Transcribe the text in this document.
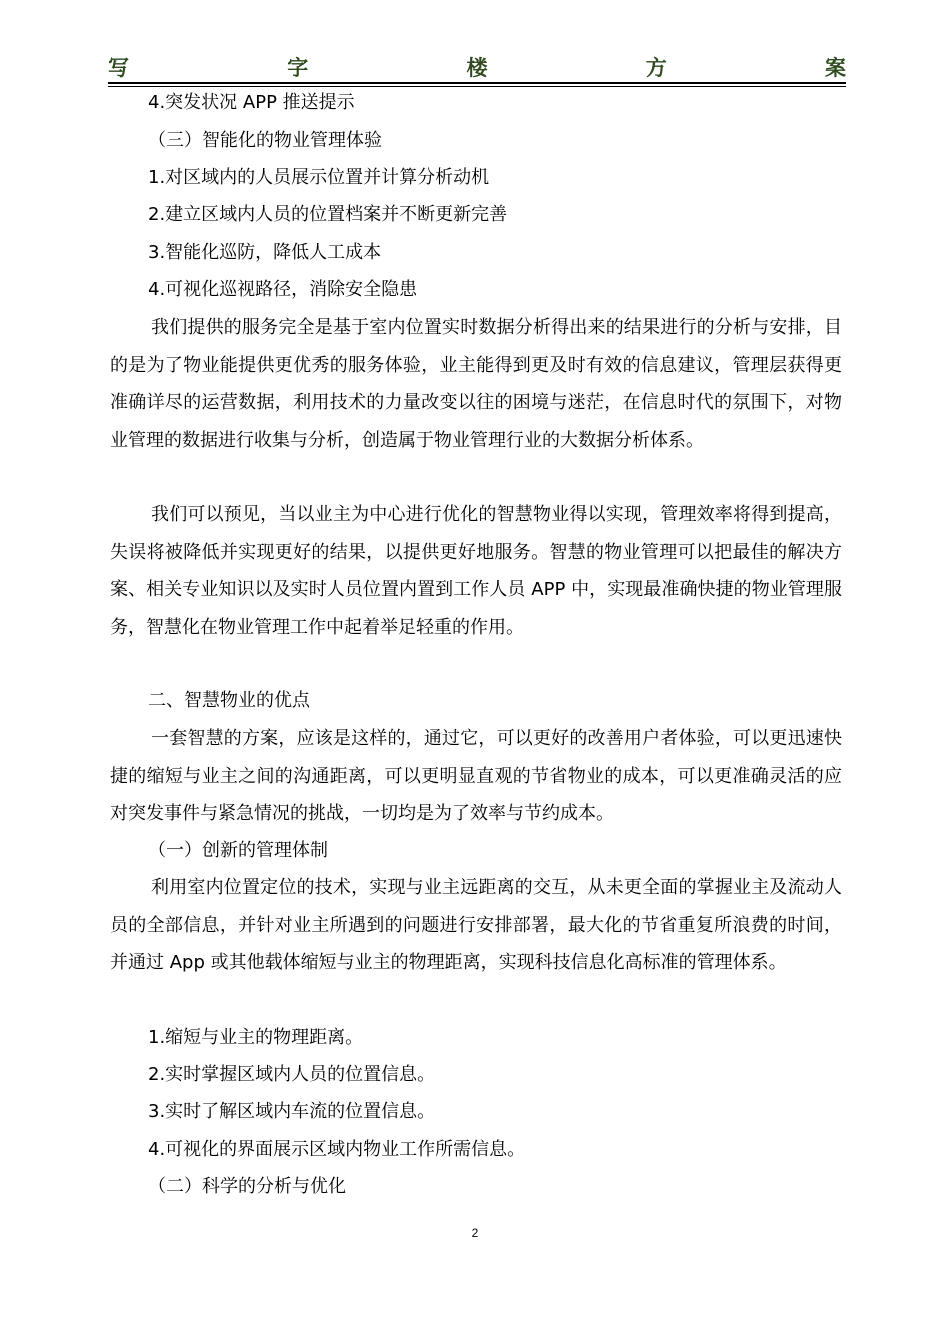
写	字	楼	方	案

4.突发状况 APP 推送提示

（三）智能化的物业管理体验

1.对区域内的人员展示位置并计算分析动机

2.建立区域内人员的位置档案并不断更新完善

3.智能化巡防，降低人工成本

4.可视化巡视路径，消除安全隐患

我们提供的服务完全是基于室内位置实时数据分析得出来的结果进行的分析与安排，目的是为了物业能提供更优秀的服务体验，业主能得到更及时有效的信息建议，管理层获得更准确详尽的运营数据，利用技术的力量改变以往的困境与迷茫，在信息时代的氛围下，对物业管理的数据进行收集与分析，创造属于物业管理行业的大数据分析体系。

我们可以预见，当以业主为中心进行优化的智慧物业得以实现，管理效率将得到提高，失误将被降低并实现更好的结果，以提供更好地服务。智慧的物业管理可以把最佳的解决方案、相关专业知识以及实时人员位置内置到工作人员 APP 中，实现最准确快捷的物业管理服务，智慧化在物业管理工作中起着举足轻重的作用。

二、智慧物业的优点

一套智慧的方案，应该是这样的，通过它，可以更好的改善用户者体验，可以更迅速快捷的缩短与业主之间的沟通距离，可以更明显直观的节省物业的成本，可以更准确灵活的应对突发事件与紧急情况的挑战，一切均是为了效率与节约成本。

（一）创新的管理体制

利用室内位置定位的技术，实现与业主远距离的交互，从未更全面的掌握业主及流动人员的全部信息，并针对业主所遇到的问题进行安排部署，最大化的节省重复所浪费的时间，并通过 App 或其他载体缩短与业主的物理距离，实现科技信息化高标准的管理体系。

1.缩短与业主的物理距离。

2.实时掌握区域内人员的位置信息。

3.实时了解区域内车流的位置信息。

4.可视化的界面展示区域内物业工作所需信息。

（二）科学的分析与优化

2
